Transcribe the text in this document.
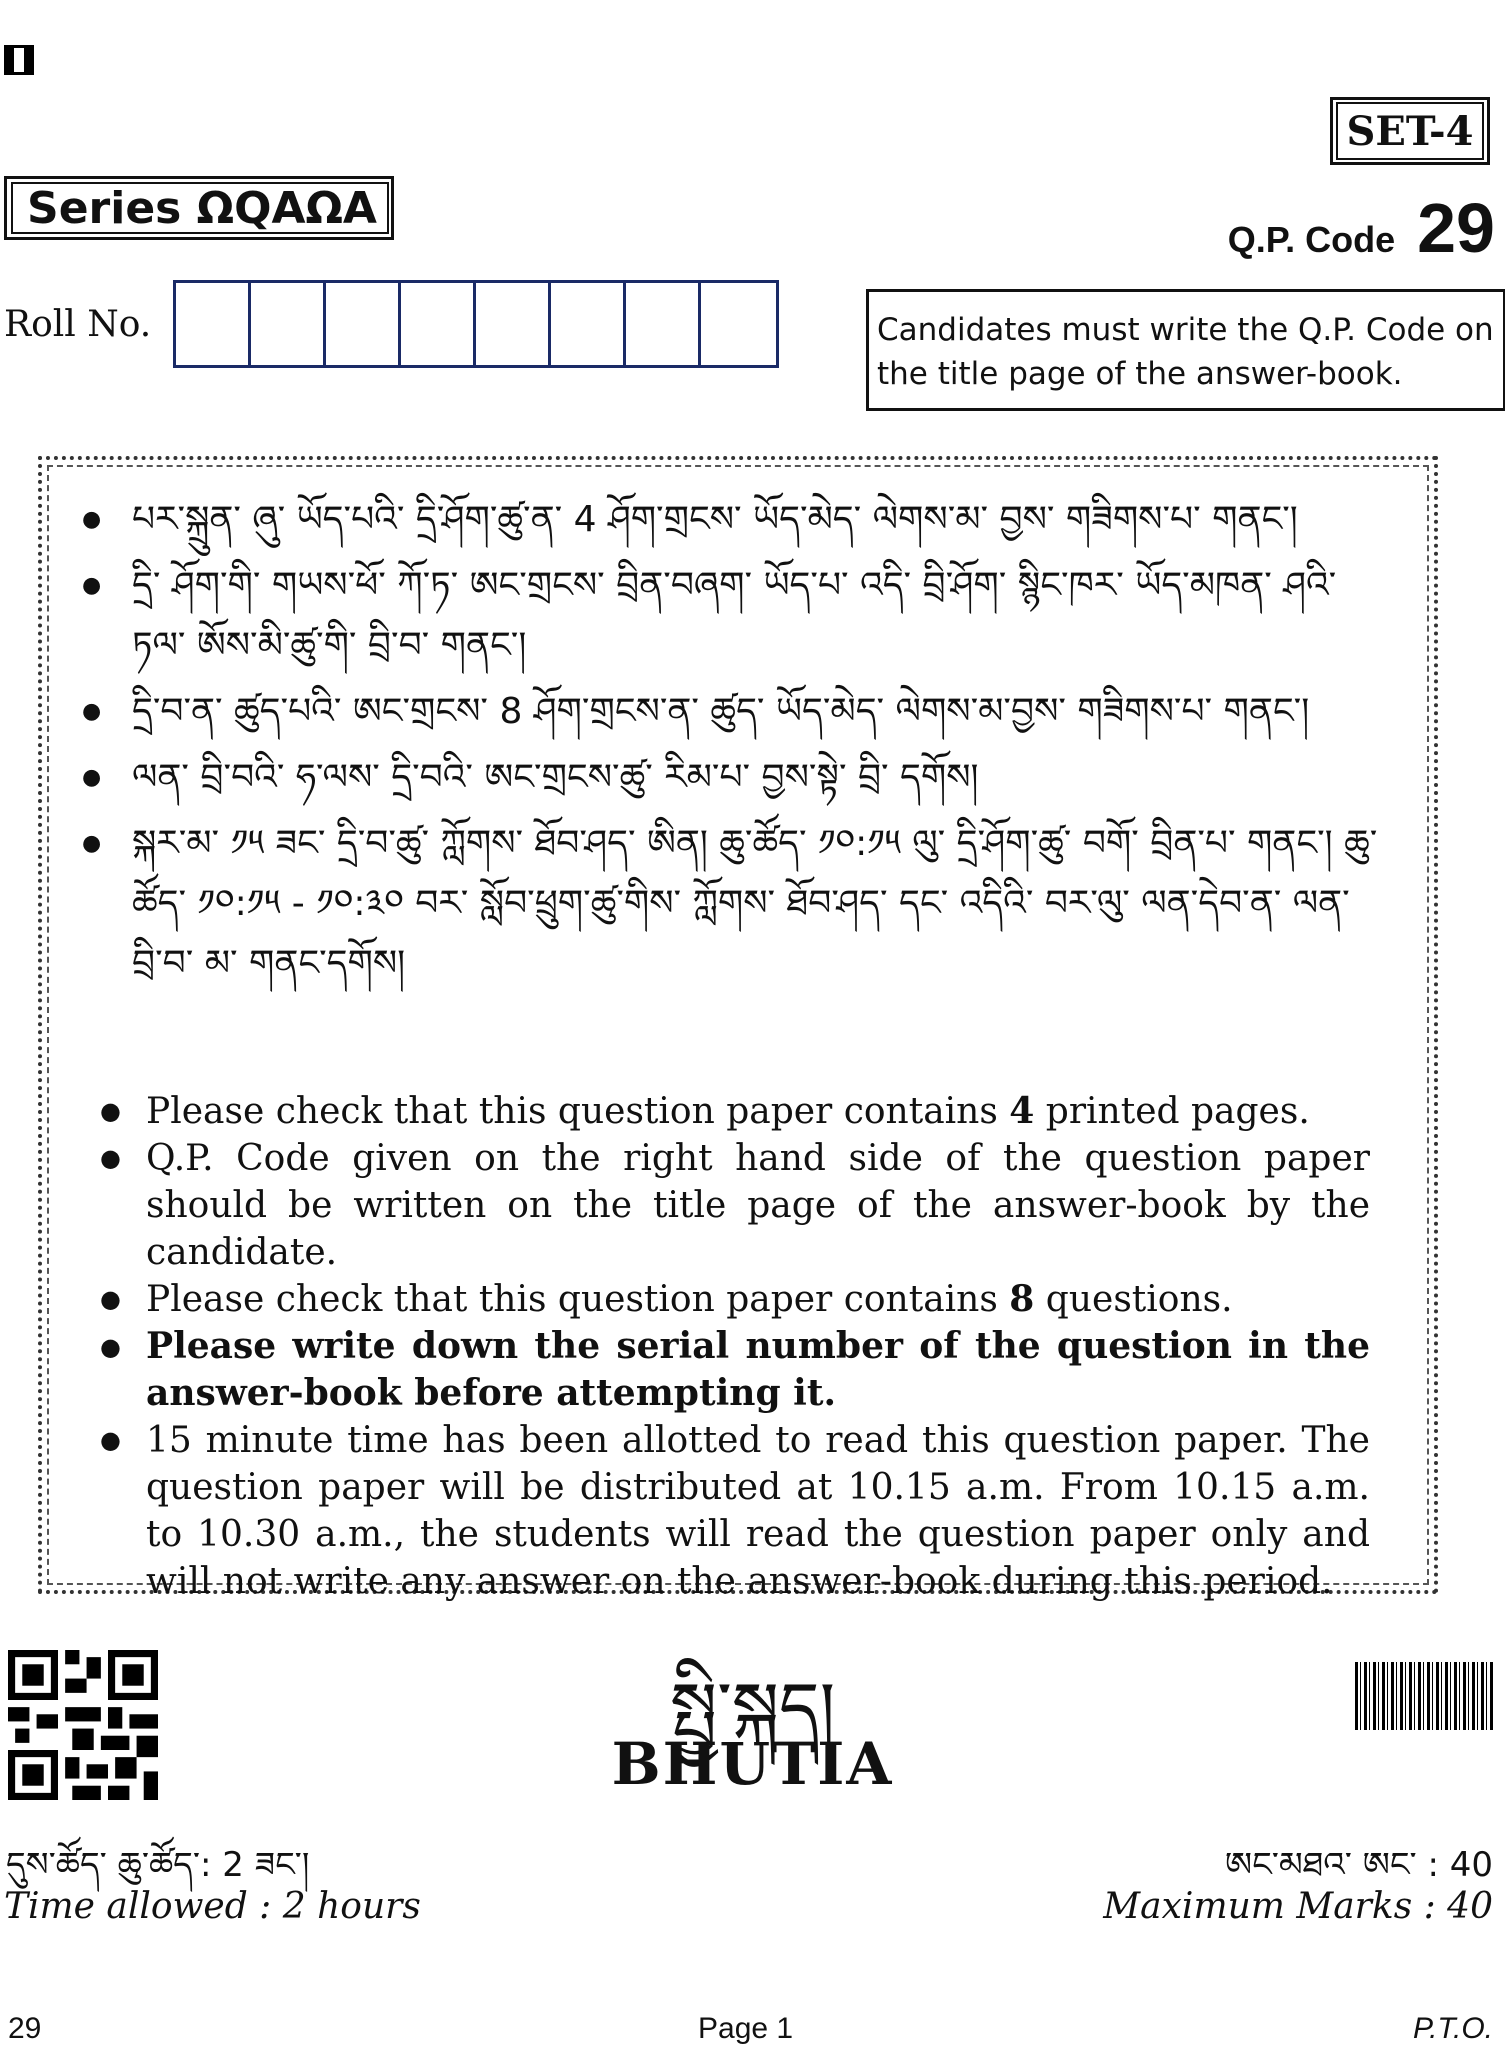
SET-4
Series ΩQAΩA
Q.P. Code 29
Roll No.	Candidates must write the Q.P. Code on the title page of the answer-book.
● པར་སྐྲུན་ ཞུ་ ཡོད་པའི་ དྲི་ཤོག་ཚུ་ན་ 4 ཤོག་གྲངས་ ཡོད་མེད་ ལེགས་མ་ བྱས་ གཟིགས་པ་ གནང་།
● དྲི་ ཤོག་གི་ གཡས་ཕོ་ ཀོ་ཏ་ ཨང་གྲངས་ བྲིན་བཞག་ ཡོད་པ་ འདི་ བྲི་ཤོག་ སྙིང་ཁར་ ཡོད་མཁན་ ཤའི་ཏལ་ ཨོས་མི་ཚུ་གི་ བྲི་བ་ གནང་།
● དྲི་བ་ན་ ཚུད་པའི་ ཨང་གྲངས་ 8 ཤོག་གྲངས་ན་ ཚུད་ ཡོད་མེད་ ལེགས་མ་བྱས་ གཟིགས་པ་ གནང་།
● ལན་ བྲི་བའི་ ཧ་ལས་ དྲི་བའི་ ཨང་གྲངས་ཚུ་ རིམ་པ་ བྱས་སྟེ་ བྲི་ དགོས།
● སྐར་མ་ ༡༥ ཟང་ དྲི་བ་ཚུ་ ཀློགས་ ཐོབ་ཤད་ ཨིན། ཆུ་ཚོད་ ༡༠:༡༥ ལུ་ དྲི་ཤོག་ཚུ་ བགོ་ བྲིན་པ་ གནང་། ཆུ་ཚོད་ ༡༠:༡༥ - ༡༠:༣༠ བར་ སློབ་ཕྲུག་ཚུ་གིས་ ཀློགས་ ཐོབ་ཤད་ དང་ འདིའི་ བར་ལུ་ ལན་དེབ་ན་ ལན་ བྲི་བ་ མ་ གནང་དགོས།
● Please check that this question paper contains 4 printed pages.
● Q.P. Code given on the right hand side of the question paper should be written on the title page of the answer-book by the candidate.
● Please check that this question paper contains 8 questions.
● Please write down the serial number of the question in the answer-book before attempting it.
● 15 minute time has been allotted to read this question paper. The question paper will be distributed at 10.15 a.m. From 10.15 a.m. to 10.30 a.m., the students will read the question paper only and will not write any answer on the answer-book during this period.
སྤྱི་སྐད།
BHUTIA
དུས་ཚོད་ ཆུ་ཚོད་: 2 ཟང་།	ཨང་མཐའ་ ཨང་ : 40
Time allowed : 2 hours	Maximum Marks : 40
29	Page 1	P.T.O.
